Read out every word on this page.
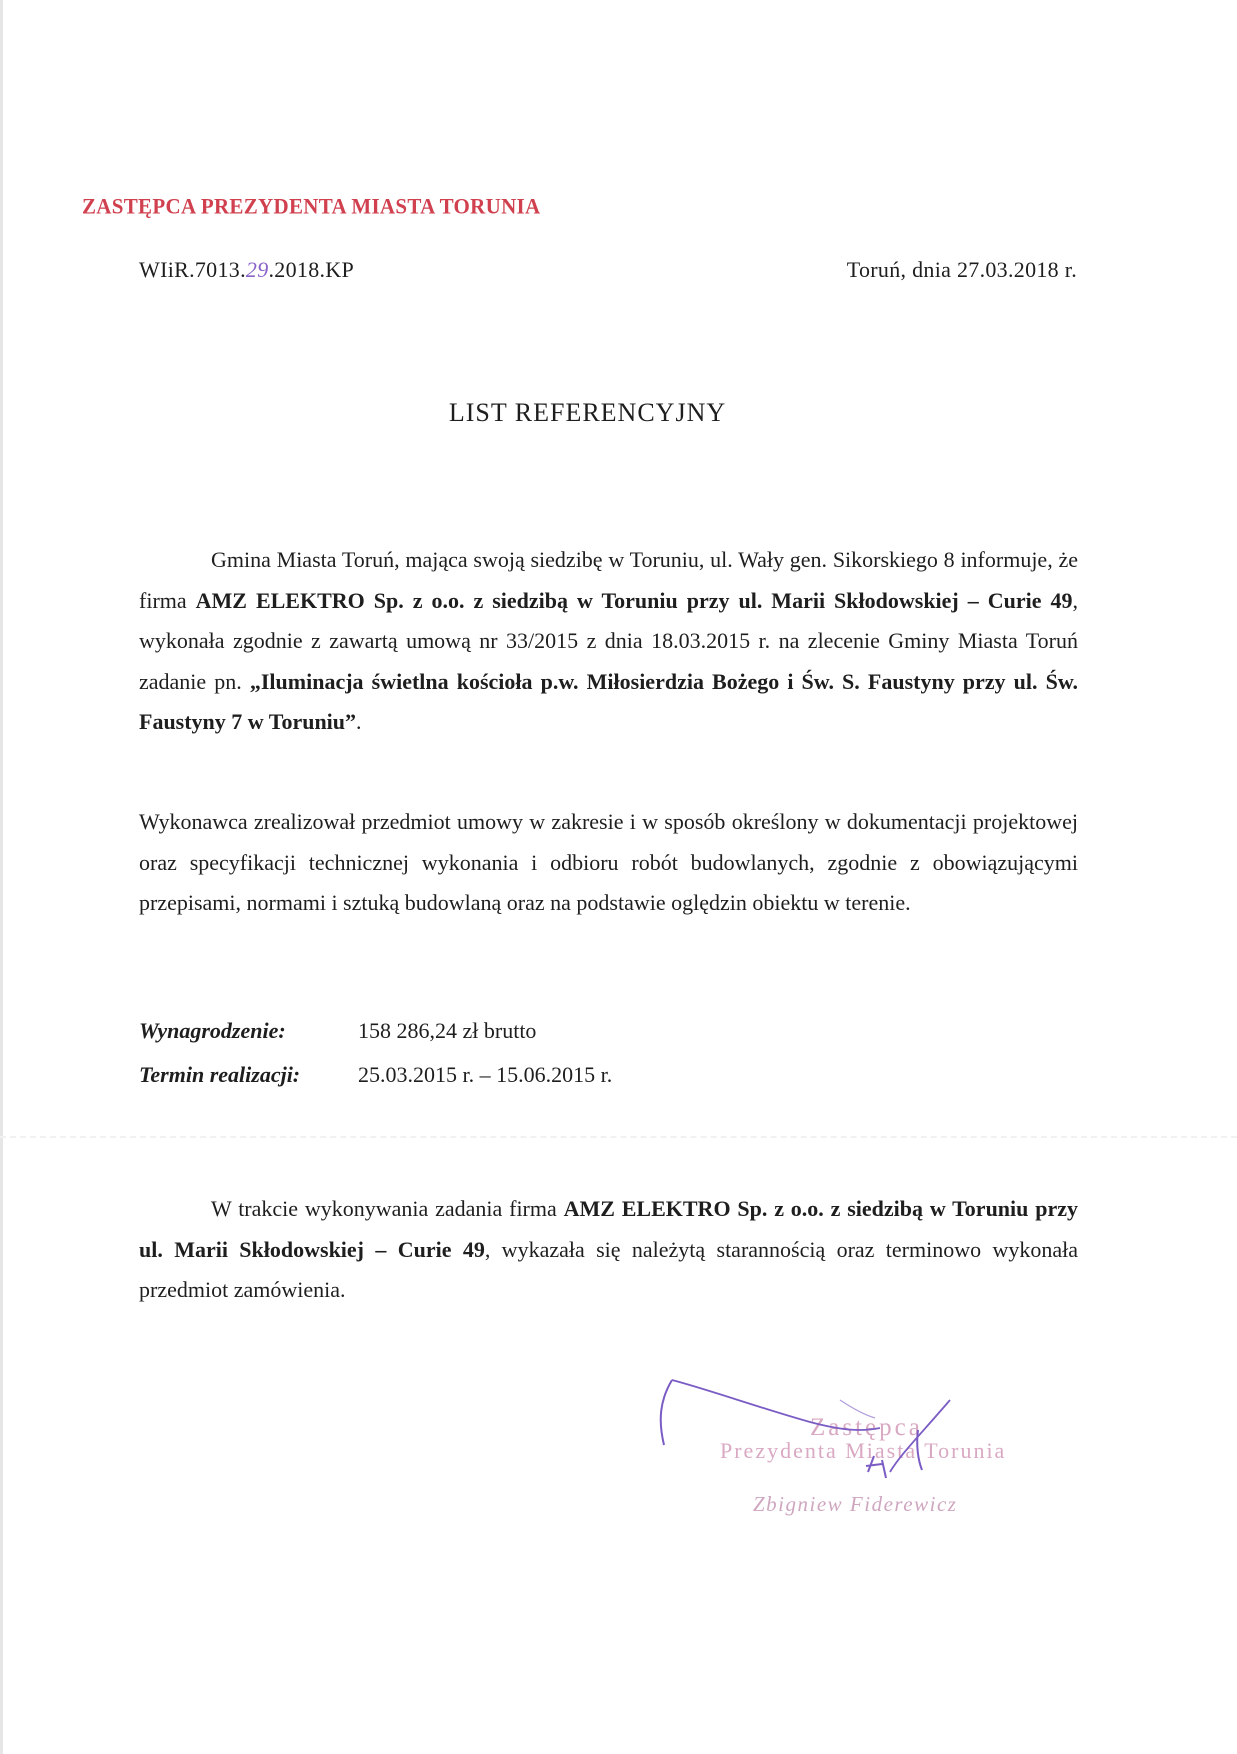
ZASTĘPCA PREZYDENTA MIASTA TORUNIA
WIiR.7013.29.2018.KP	Toruń, dnia 27.03.2018 r.
LIST REFERENCYJNY
Gmina Miasta Toruń, mająca swoją siedzibę w Toruniu, ul. Wały gen. Sikorskiego 8 informuje, że firma AMZ ELEKTRO Sp. z o.o. z siedzibą w Toruniu przy ul. Marii Skłodowskiej – Curie 49, wykonała zgodnie z zawartą umową nr 33/2015 z dnia 18.03.2015 r. na zlecenie Gminy Miasta Toruń zadanie pn. „Iluminacja świetlna kościoła p.w. Miłosierdzia Bożego i Św. S. Faustyny przy ul. Św. Faustyny 7 w Toruniu”.
Wykonawca zrealizował przedmiot umowy w zakresie i w sposób określony w dokumentacji projektowej oraz specyfikacji technicznej wykonania i odbioru robót budowlanych, zgodnie z obowiązującymi przepisami, normami i sztuką budowlaną oraz na podstawie oględzin obiektu w terenie.
Wynagrodzenie:	158 286,24 zł brutto
Termin realizacji:	25.03.2015 r. – 15.06.2015 r.
W trakcie wykonywania zadania firma AMZ ELEKTRO Sp. z o.o. z siedzibą w Toruniu przy ul. Marii Skłodowskiej – Curie 49, wykazała się należytą starannością oraz terminowo wykonała przedmiot zamówienia.
Zastępca
Prezydenta Miasta Torunia
Zbigniew Fiderewicz
